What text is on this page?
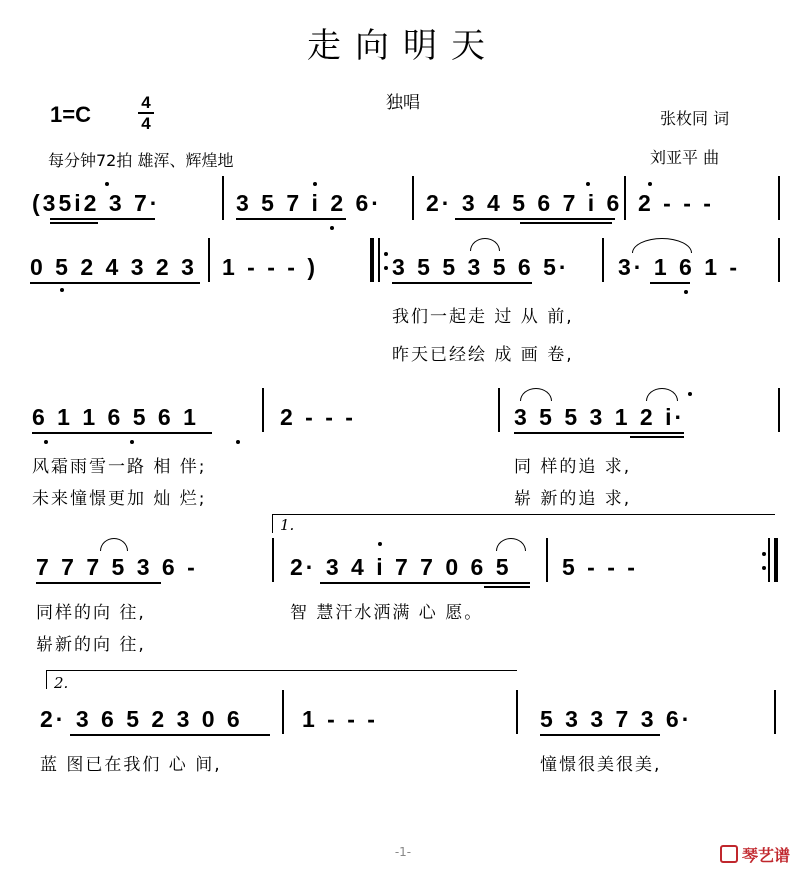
走向明天
独唱
1=C	4
4
每分钟72拍 雄浑、辉煌地
张枚同 词
刘亚平 曲
(35i2 3 7·	3 5 7 i 2 6· 2· 3 4 5 6 7 i 6 2 - - -
0 5 2 4 3 2 3 1 - - - )	3 5 5 3 5 6 5· 3· 1 6 1 -
我们一起走 过 从 前,
昨天已经绘 成 画 卷,
6 1 1 6 5 6 1	2 - - -	3 5 5 3 1 2 i·
风霜雨雪一路 相 伴;	同 样的追 求,
未来憧憬更加 灿 烂;	崭 新的追 求,
1.
7 7 7 5 3 6 -	2· 3 4 i 7 7 0 6 5 5 - - -
同样的向 往,	智 慧汗水洒满 心 愿。
崭新的向 往,
2.
2· 3 6 5 2 3 0 6	1 - - -	5 3 3 7 3 6·
蓝 图已在我们 心 间,	憧憬很美很美,
-1-	琴艺谱
